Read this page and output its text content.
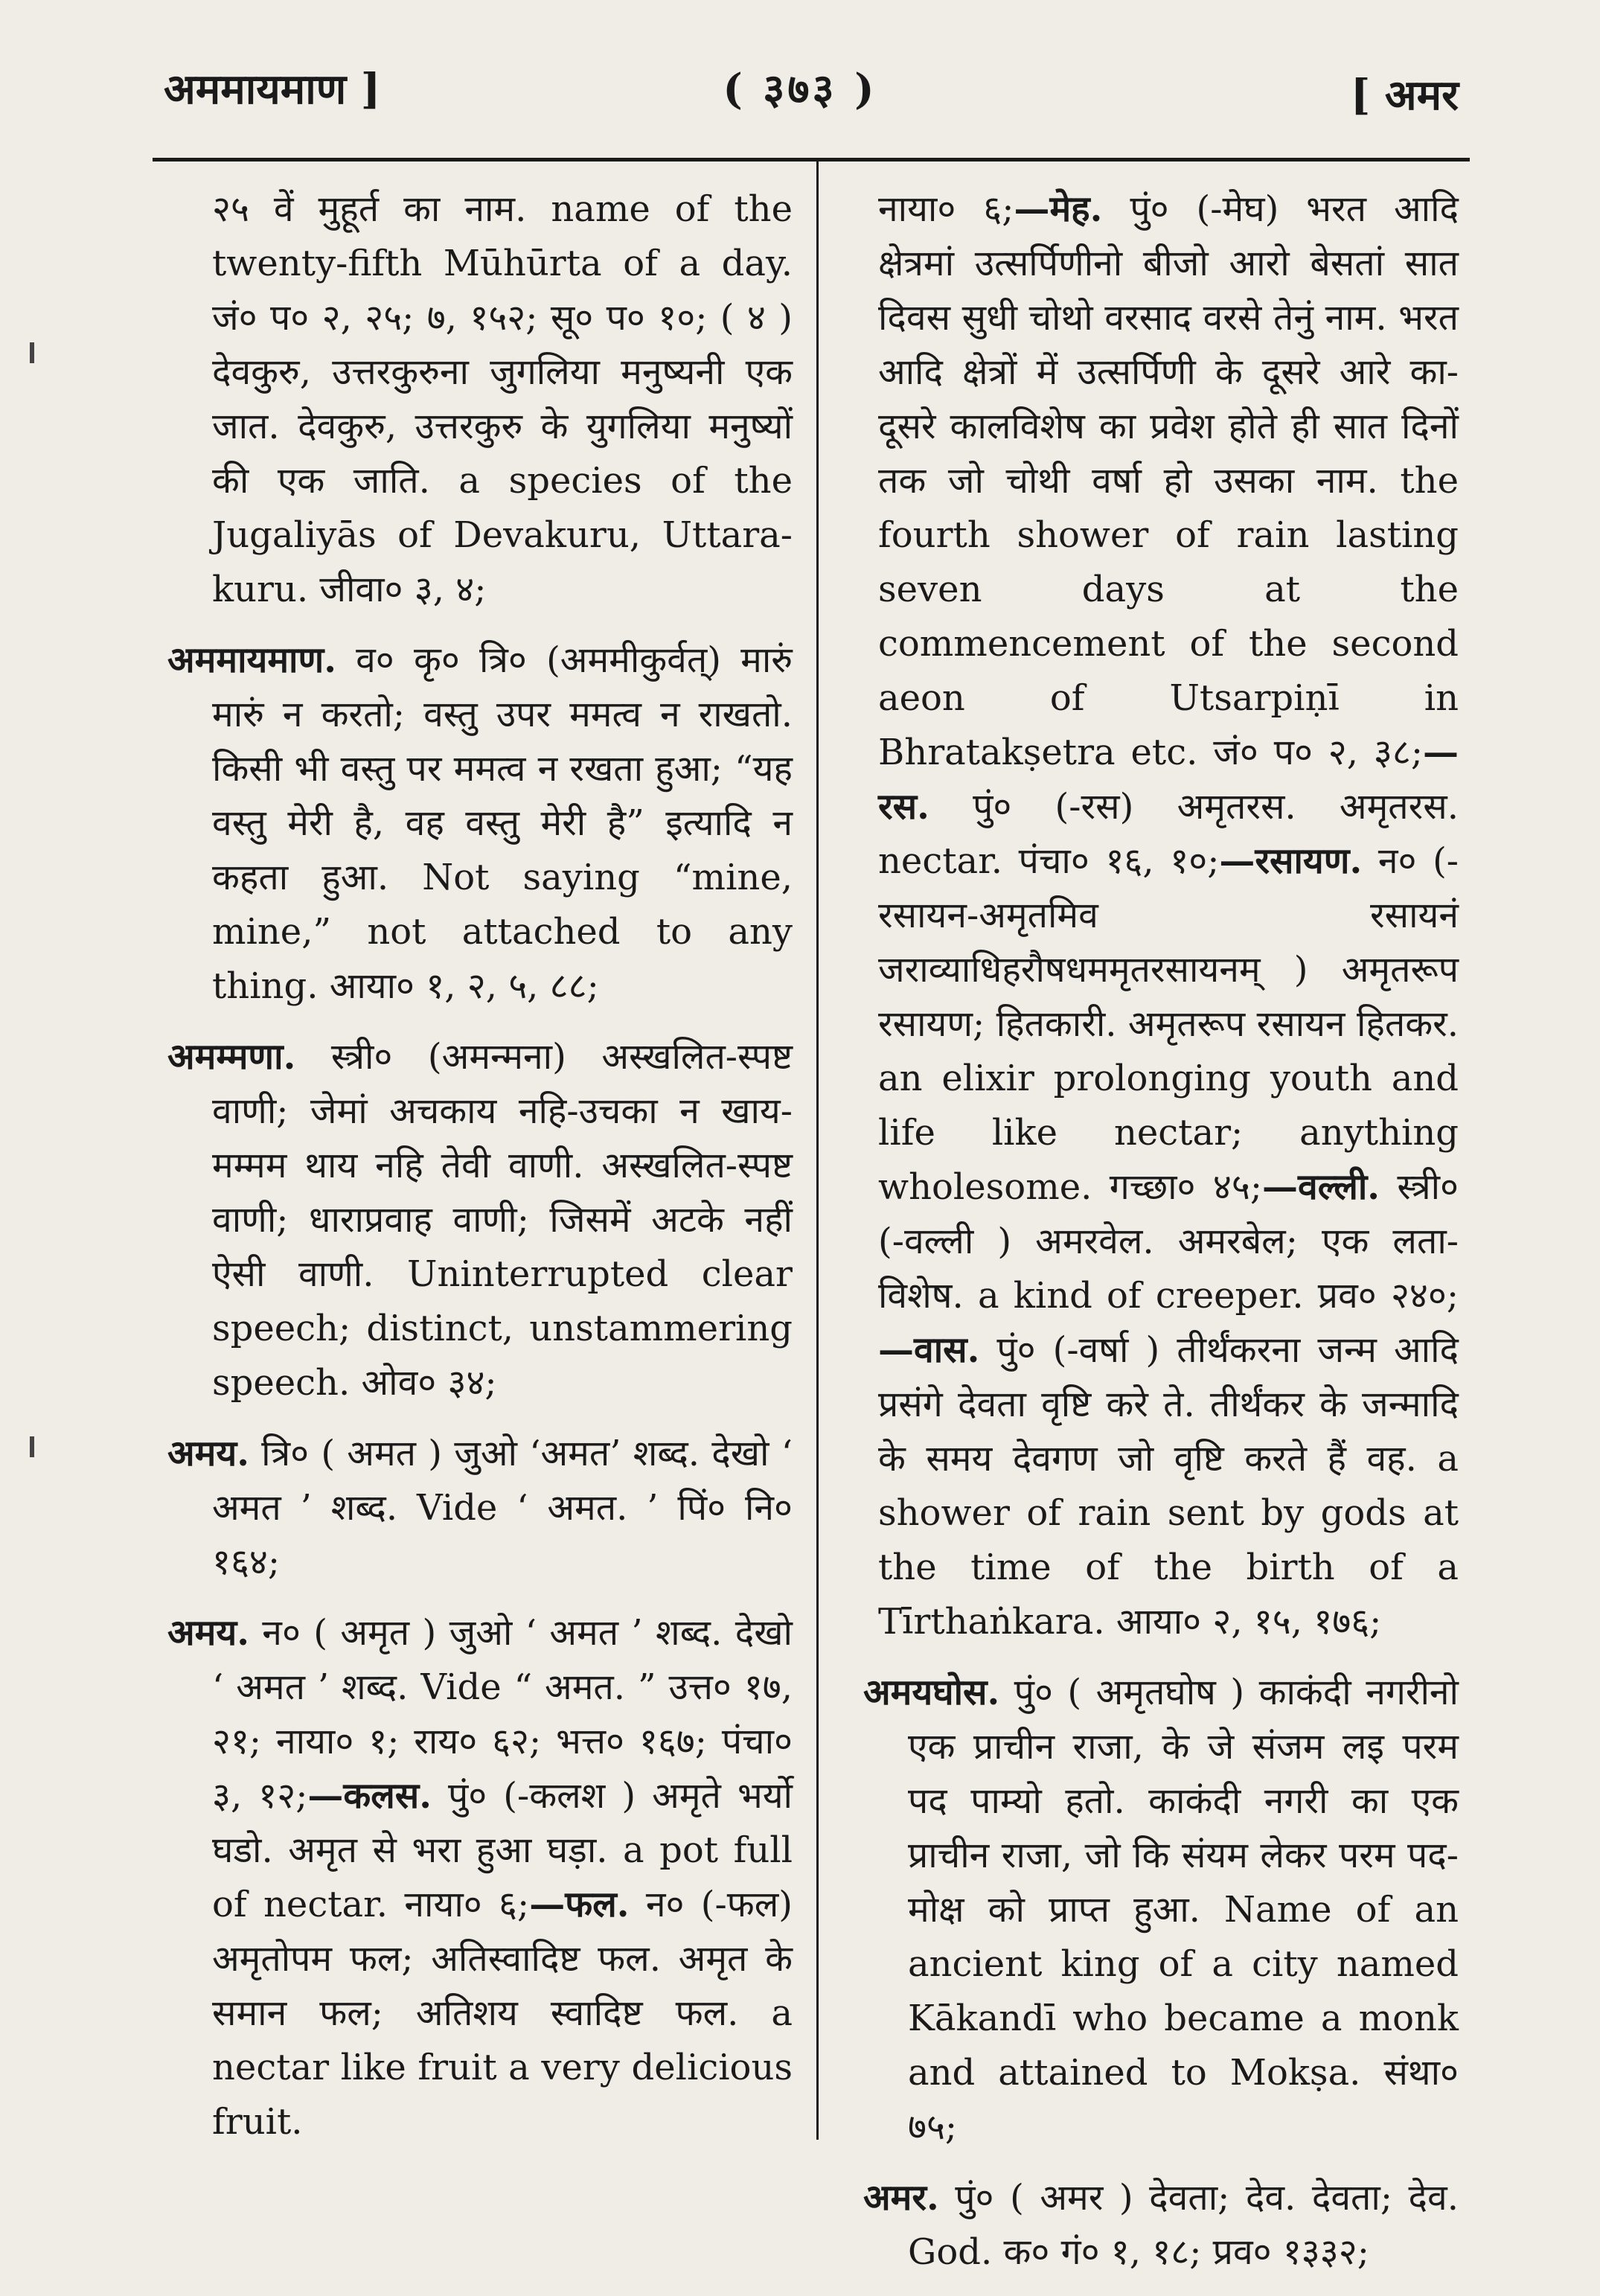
अममायमाण ]	( ३७३ )	[ अमर

२५ वें मुहूर्त का नाम. name of the twenty-fifth Mūhūrta of a day. जं० प० २, २५; ७, १५२; सू० प० १०; ( ४ ) देवकुरु, उत्तरकुरुना जुगलिया मनुष्यनी एक जात. देवकुरु, उत्तरकुरु के युगलिया मनुष्यों की एक जाति. a species of the Jugaliyās of Devakuru, Uttara-kuru. जीवा० ३, ४;

अममायमाण. व० कृ० त्रि० (अममीकुर्वत्) मारुं मारुं न करतो; वस्तु उपर ममत्व न राखतो. किसी भी वस्तु पर ममत्व न रखता हुआ; “यह वस्तु मेरी है, वह वस्तु मेरी है” इत्यादि न कहता हुआ. Not saying “mine, mine,” not attached to any thing. आया० १, २, ५, ८८;

अमम्मणा. स्त्री० (अमन्मना) अस्खलित-स्पष्ट वाणी; जेमां अचकाय नहि-उचका न खाय-मम्मम थाय नहि तेवी वाणी. अस्खलित-स्पष्ट वाणी; धाराप्रवाह वाणी; जिसमें अटके नहीं ऐसी वाणी. Uninterrupted clear speech; distinct, unstammering speech. ओव० ३४;

अमय. त्रि० ( अमत ) जुओ ‘अमत’ शब्द. देखो ‘ अमत ’ शब्द. Vide ‘ अमत. ’ पिं० नि० १६४;

अमय. न० ( अमृत ) जुओ ‘ अमत ’ शब्द. देखो ‘ अमत ’ शब्द. Vide “ अमत. ” उत्त० १७, २१; नाया० १; राय० ६२; भत्त० १६७; पंचा० ३, १२;—कलस. पुं० (-कलश ) अमृते भर्यो घडो. अमृत से भरा हुआ घड़ा. a pot full of nectar. नाया० ६;—फल. न० (-फल) अमृतोपम फल; अतिस्वादिष्ट फल. अमृत के समान फल; अतिशय स्वादिष्ट फल. a nectar like fruit a very delicious fruit.

नाया० ६;—मेह. पुं० (-मेघ) भरत आदि क्षेत्रमां उत्सर्पिणीनो बीजो आरो बेसतां सात दिवस सुधी चोथो वरसाद वरसे तेनुं नाम. भरत आदि क्षेत्रों में उत्सर्पिणी के दूसरे आरे का-दूसरे कालविशेष का प्रवेश होते ही सात दिनों तक जो चोथी वर्षा हो उसका नाम. the fourth shower of rain lasting seven days at the commencement of the second aeon of Utsarpiṇī in Bhratakṣetra etc. जं० प० २, ३८;—रस. पुं० (-रस) अमृतरस. अमृतरस. nectar. पंचा० १६, १०;—रसायण. न० (-रसायन-अमृतमिव रसायनं जराव्याधिहरौषधममृतरसायनम् ) अमृतरूप रसायण; हितकारी. अमृतरूप रसायन हितकर. an elixir prolonging youth and life like nectar; anything wholesome. गच्छा० ४५;—वल्ली. स्त्री० (-वल्ली ) अमरवेल. अमरबेल; एक लता-विशेष. a kind of creeper. प्रव० २४०;—वास. पुं० (-वर्षा ) तीर्थंकरना जन्म आदि प्रसंगे देवता वृष्टि करे ते. तीर्थंकर के जन्मादि के समय देवगण जो वृष्टि करते हैं वह. a shower of rain sent by gods at the time of the birth of a Tīrthaṅkara. आया० २, १५, १७६;

अमयघोस. पुं० ( अमृतघोष ) काकंदी नगरीनो एक प्राचीन राजा, के जे संजम लइ परम पद पाम्यो हतो. काकंदी नगरी का एक प्राचीन राजा, जो कि संयम लेकर परम पद-मोक्ष को प्राप्त हुआ. Name of an ancient king of a city named Kākandī who became a monk and attained to Mokṣa. संथा० ७५;

अमर. पुं० ( अमर ) देवता; देव. देवता; देव. God. क० गं० १, १८; प्रव० १३३२;
